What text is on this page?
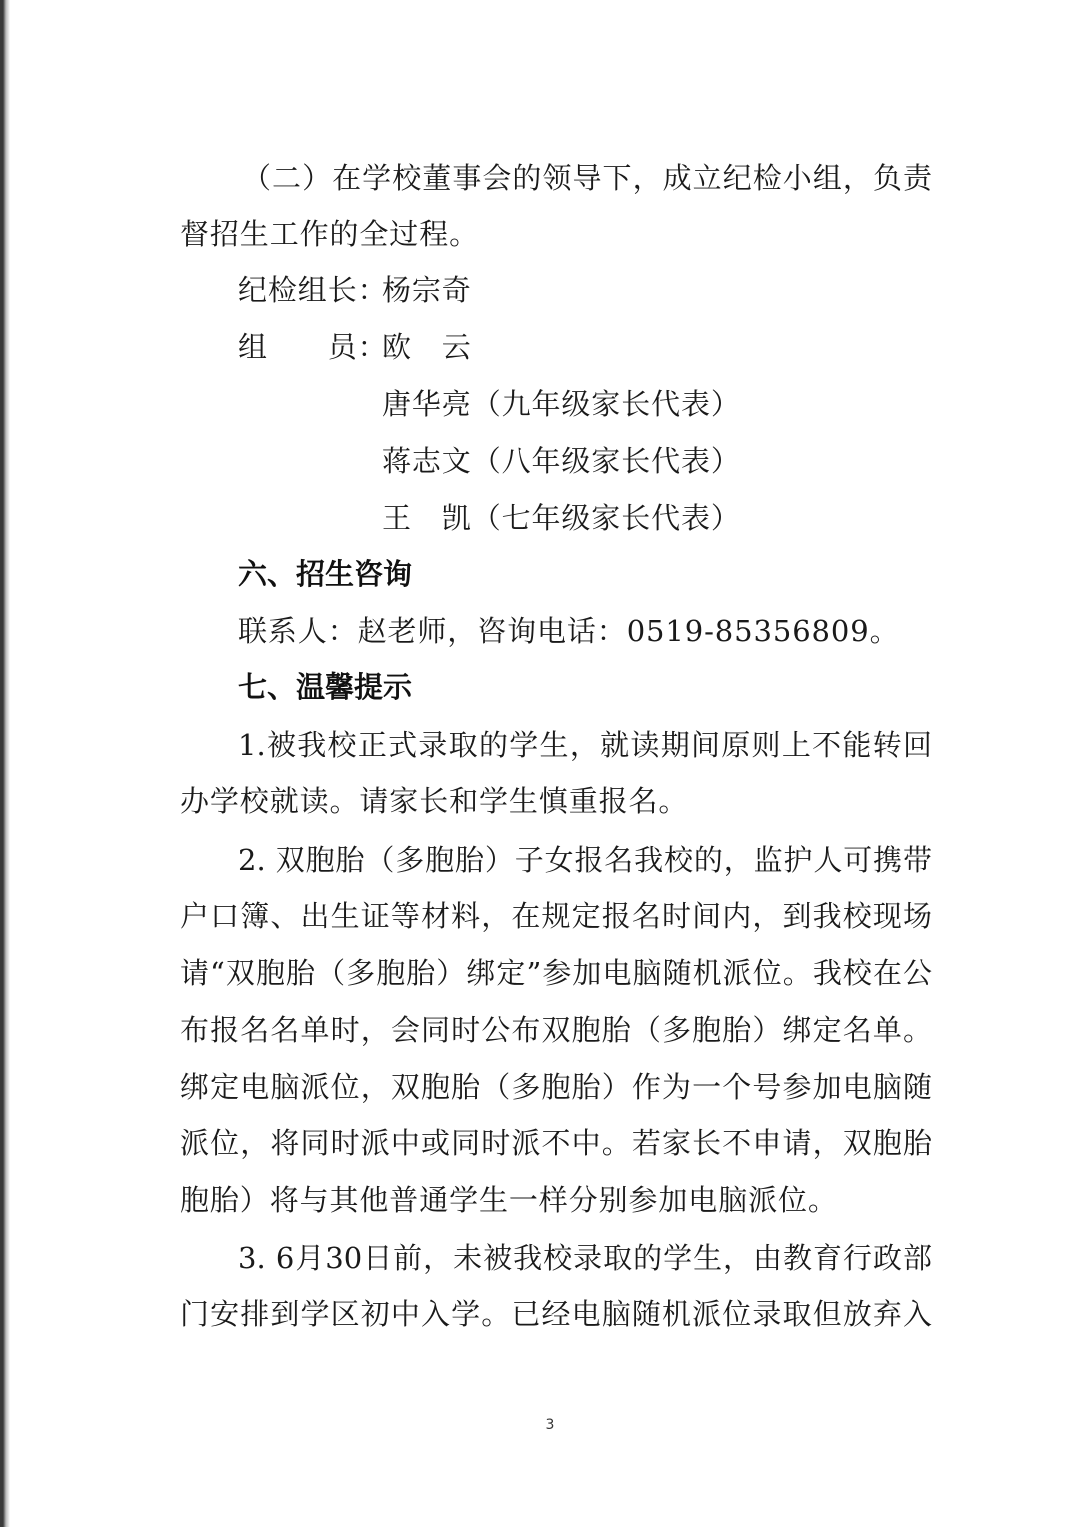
（二）在学校董事会的领导下，成立纪检小组，负责
督招生工作的全过程。
纪检组长：
杨宗奇
组　　员：
欧　云
唐华亮（九年级家长代表）
蒋志文（八年级家长代表）
王　凯（七年级家长代表）
六、招生咨询
联系人：赵老师，咨询电话：0519-85356809。
七、温馨提示
1.被我校正式录取的学生，就读期间原则上不能转回
办学校就读。请家长和学生慎重报名。
2. 双胞胎（多胞胎）子女报名我校的，监护人可携带
户口簿、出生证等材料，在规定报名时间内，到我校现场
请“双胞胎（多胞胎）绑定”参加电脑随机派位。我校在公
布报名名单时，会同时公布双胞胎（多胞胎）绑定名单。
绑定电脑派位，双胞胎（多胞胎）作为一个号参加电脑随
派位，将同时派中或同时派不中。若家长不申请，双胞胎
胞胎）将与其他普通学生一样分别参加电脑派位。
3. 6月30日前，未被我校录取的学生，由教育行政部
门安排到学区初中入学。已经电脑随机派位录取但放弃入
3
